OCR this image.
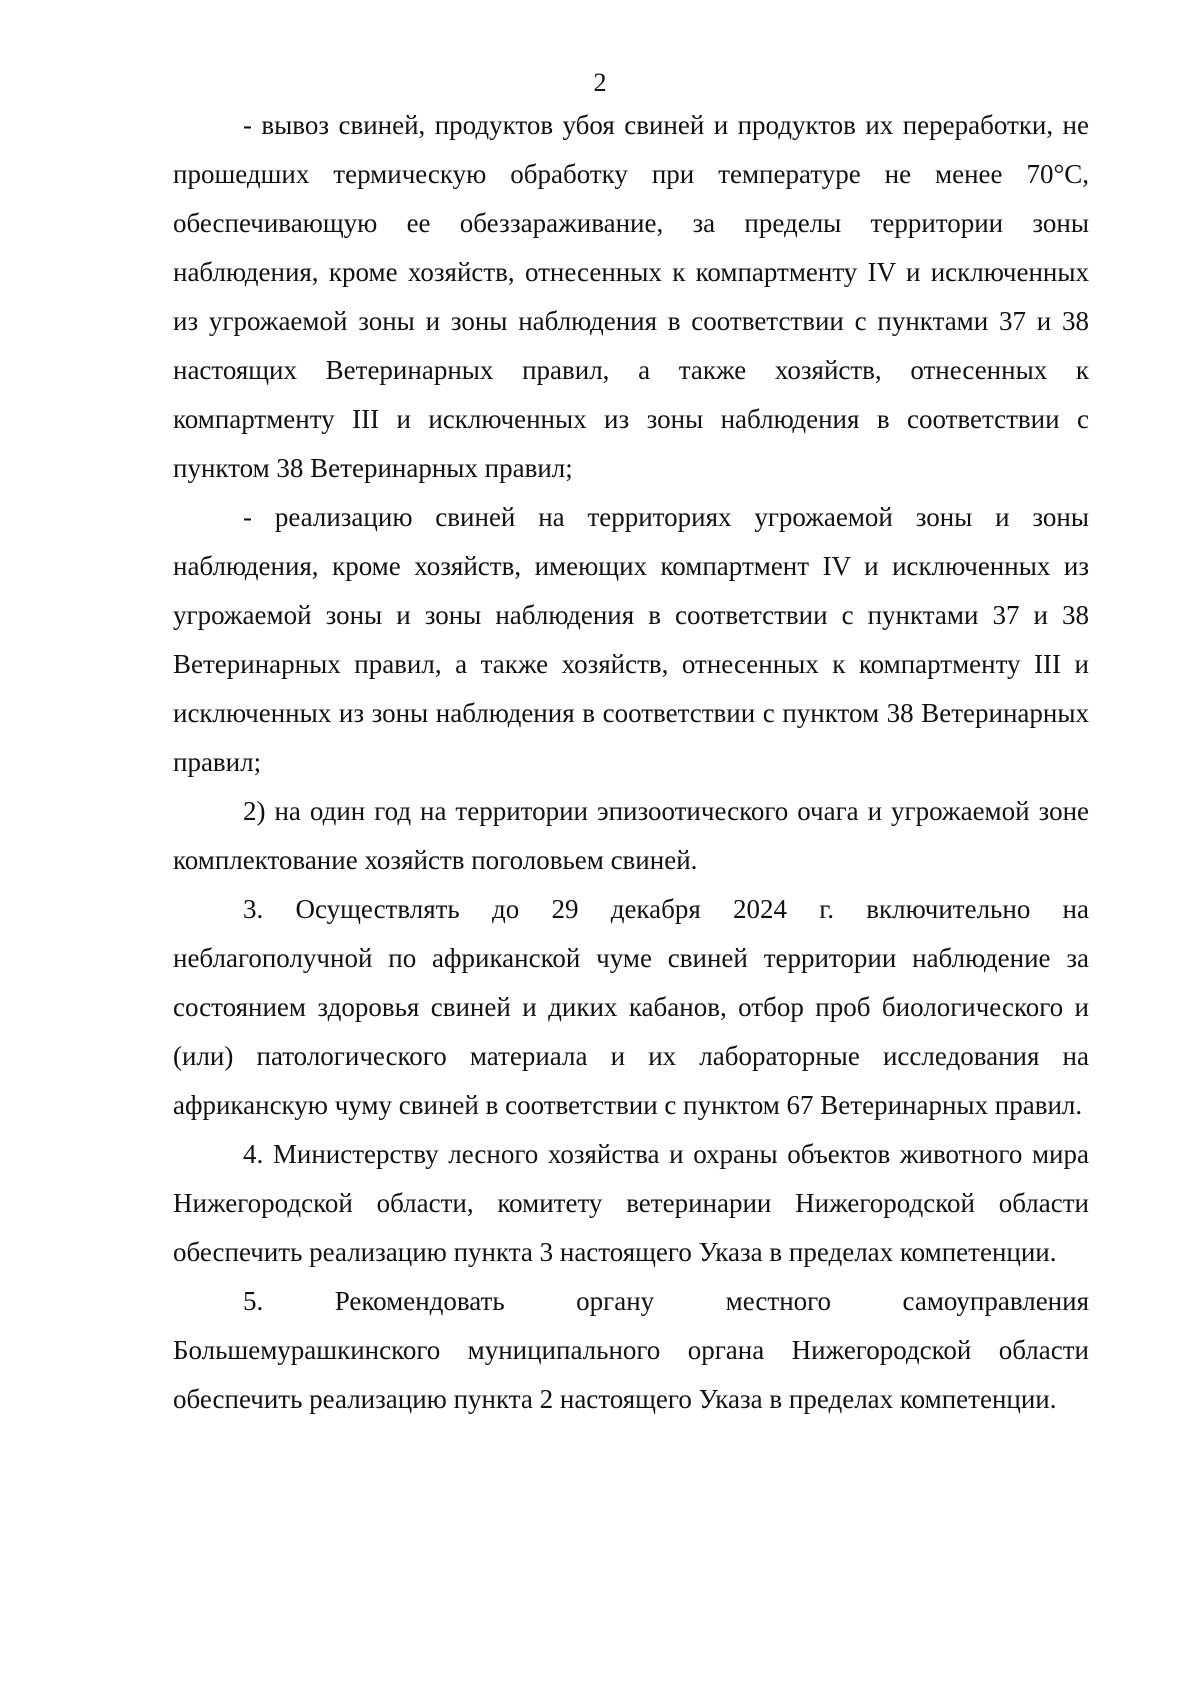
2

- вывоз свиней, продуктов убоя свиней и продуктов их переработки, не прошедших термическую обработку при температуре не менее 70°С, обеспечивающую ее обеззараживание, за пределы территории зоны наблюдения, кроме хозяйств, отнесенных к компартменту IV и исключенных из угрожаемой зоны и зоны наблюдения в соответствии с пунктами 37 и 38 настоящих Ветеринарных правил, а также хозяйств, отнесенных к компартменту III и исключенных из зоны наблюдения в соответствии с пунктом 38 Ветеринарных правил;

- реализацию свиней на территориях угрожаемой зоны и зоны наблюдения, кроме хозяйств, имеющих компартмент IV и исключенных из угрожаемой зоны и зоны наблюдения в соответствии с пунктами 37 и 38 Ветеринарных правил, а также хозяйств, отнесенных к компартменту III и исключенных из зоны наблюдения в соответствии с пунктом 38 Ветеринарных правил;

2) на один год на территории эпизоотического очага и угрожаемой зоне комплектование хозяйств поголовьем свиней.

3. Осуществлять до 29 декабря 2024 г. включительно на неблагополучной по африканской чуме свиней территории наблюдение за состоянием здоровья свиней и диких кабанов, отбор проб биологического и (или) патологического материала и их лабораторные исследования на африканскую чуму свиней в соответствии с пунктом 67 Ветеринарных правил.

4. Министерству лесного хозяйства и охраны объектов животного мира Нижегородской области, комитету ветеринарии Нижегородской области обеспечить реализацию пункта 3 настоящего Указа в пределах компетенции.

5. Рекомендовать органу местного самоуправления Большемурашкинского муниципального органа Нижегородской области обеспечить реализацию пункта 2 настоящего Указа в пределах компетенции.
